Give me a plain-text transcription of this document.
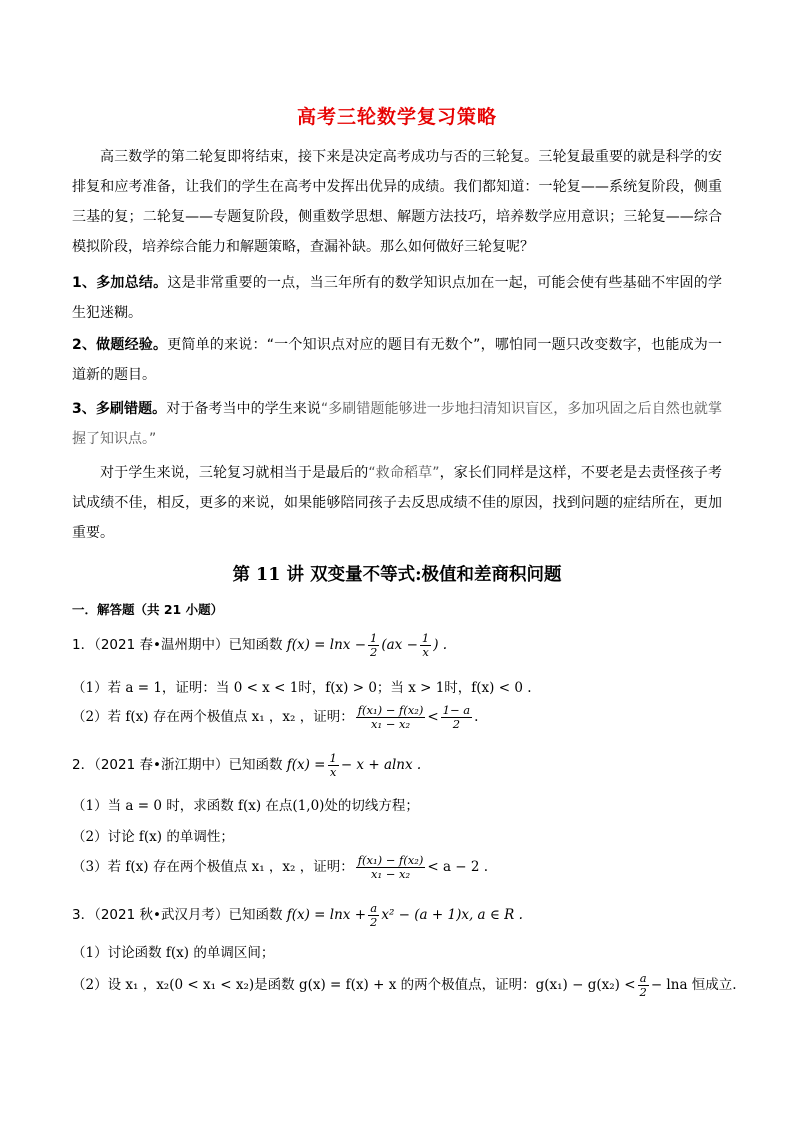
高考三轮数学复习策略
高三数学的第二轮复即将结束，接下来是决定高考成功与否的三轮复。三轮复最重要的就是科学的安排复和应考准备，让我们的学生在高考中发挥出优异的成绩。我们都知道：一轮复——系统复阶段，侧重三基的复；二轮复——专题复阶段，侧重数学思想、解题方法技巧，培养数学应用意识；三轮复——综合模拟阶段，培养综合能力和解题策略，查漏补缺。那么如何做好三轮复呢？
1、多加总结。这是非常重要的一点，当三年所有的数学知识点加在一起，可能会使有些基础不牢固的学生犯迷糊。
2、做题经验。更简单的来说：“一个知识点对应的题目有无数个”，哪怕同一题只改变数字，也能成为一道新的题目。
3、多刷错题。对于备考当中的学生来说“多刷错题能够进一步地扫清知识盲区，多加巩固之后自然也就掌握了知识点。”
对于学生来说，三轮复习就相当于是最后的“救命稻草”，家长们同样是这样，不要老是去责怪孩子考试成绩不佳，相反，更多的来说，如果能够陪同孩子去反思成绩不佳的原因，找到问题的症结所在，更加重要。
第 11 讲 双变量不等式:极值和差商积问题
一．解答题（共 21 小题）
1．（2021 春•温州期中）已知函数 $f(x) = \ln x - \frac{1}{2} (ax - \frac{1}{x}$ ) .
（1）若 a = 1，证明：当 0 < x < 1时，f(x) > 0；当 x > 1时，f(x) < 0 .
（2）若 f(x) 存在两个极值点 x₁ ，x₂ ，证明： $\frac{\text{f(x₁) − f(x₂)}}{\text{x₁ − x₂}} < \frac{1- a}{2}$ .
2．（2021 春•浙江期中）已知函数 $f(x) = \frac{1}{x} - x + alnx$ .
（1）当 a = 0 时，求函数 f(x) 在点(1,0)处的切线方程；
（2）讨论 f(x) 的单调性；
（3）若 f(x) 存在两个极值点 x₁ ，x₂ ，证明： $\frac{\text{f(x₁) − f(x₂)}}{\text{x₁ − x₂}} < a - 2$ .
3．（2021 秋•武汉月考）已知函数 $f(x) = \ln x + \frac{a}{2} x^2 - (a + 1)x$, a ∈ R .
（1）讨论函数 f(x) 的单调区间；
（2）设 x₁ ，x₂(0 < x₁ < x₂)是函数 g(x) = f(x) + x 的两个极值点，证明：$g(x_1) - g(x_2) < \frac{a}{2} - \ln a$ 恒成立.
